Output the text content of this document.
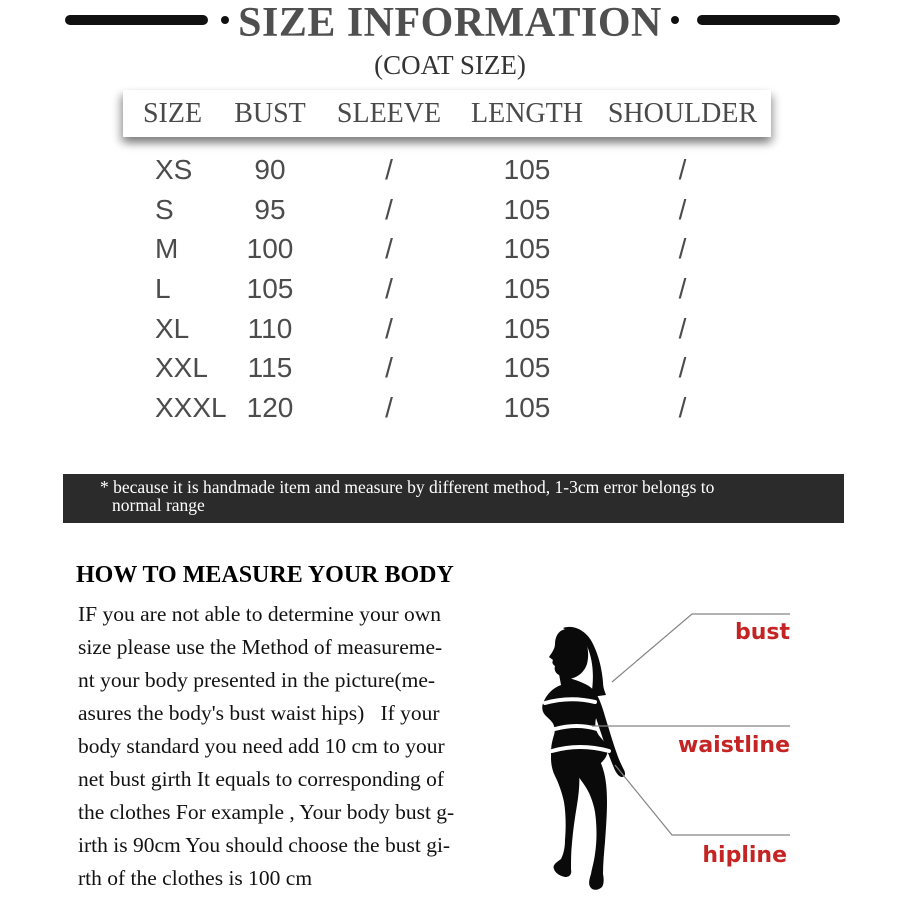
SIZE INFORMATION
(COAT SIZE)
SIZE	BUST	SLEEVE	LENGTH SHOULDER
XS	90	/	105	/
S	95	/	105	/
M	100	/	105	/
L	105	/	105	/
XL	110	/	105	/
XXL	115	/	105	/
XXXL 120	/	105	/
* because it is handmade item and measure by different method, 1-3cm error belongs to
normal range
HOW TO MEASURE YOUR BODY
IF you are not able to determine your own
size please use the Method of measureme-
nt your body presented in the picture(me-
asures the body's bust waist hips)   If your
body standard you need add 10 cm to your
net bust girth It equals to corresponding of
the clothes For example , Your body bust g-
irth is 90cm You should choose the bust gi-
rth of the clothes is 100 cm
bust
waistline
hipline
